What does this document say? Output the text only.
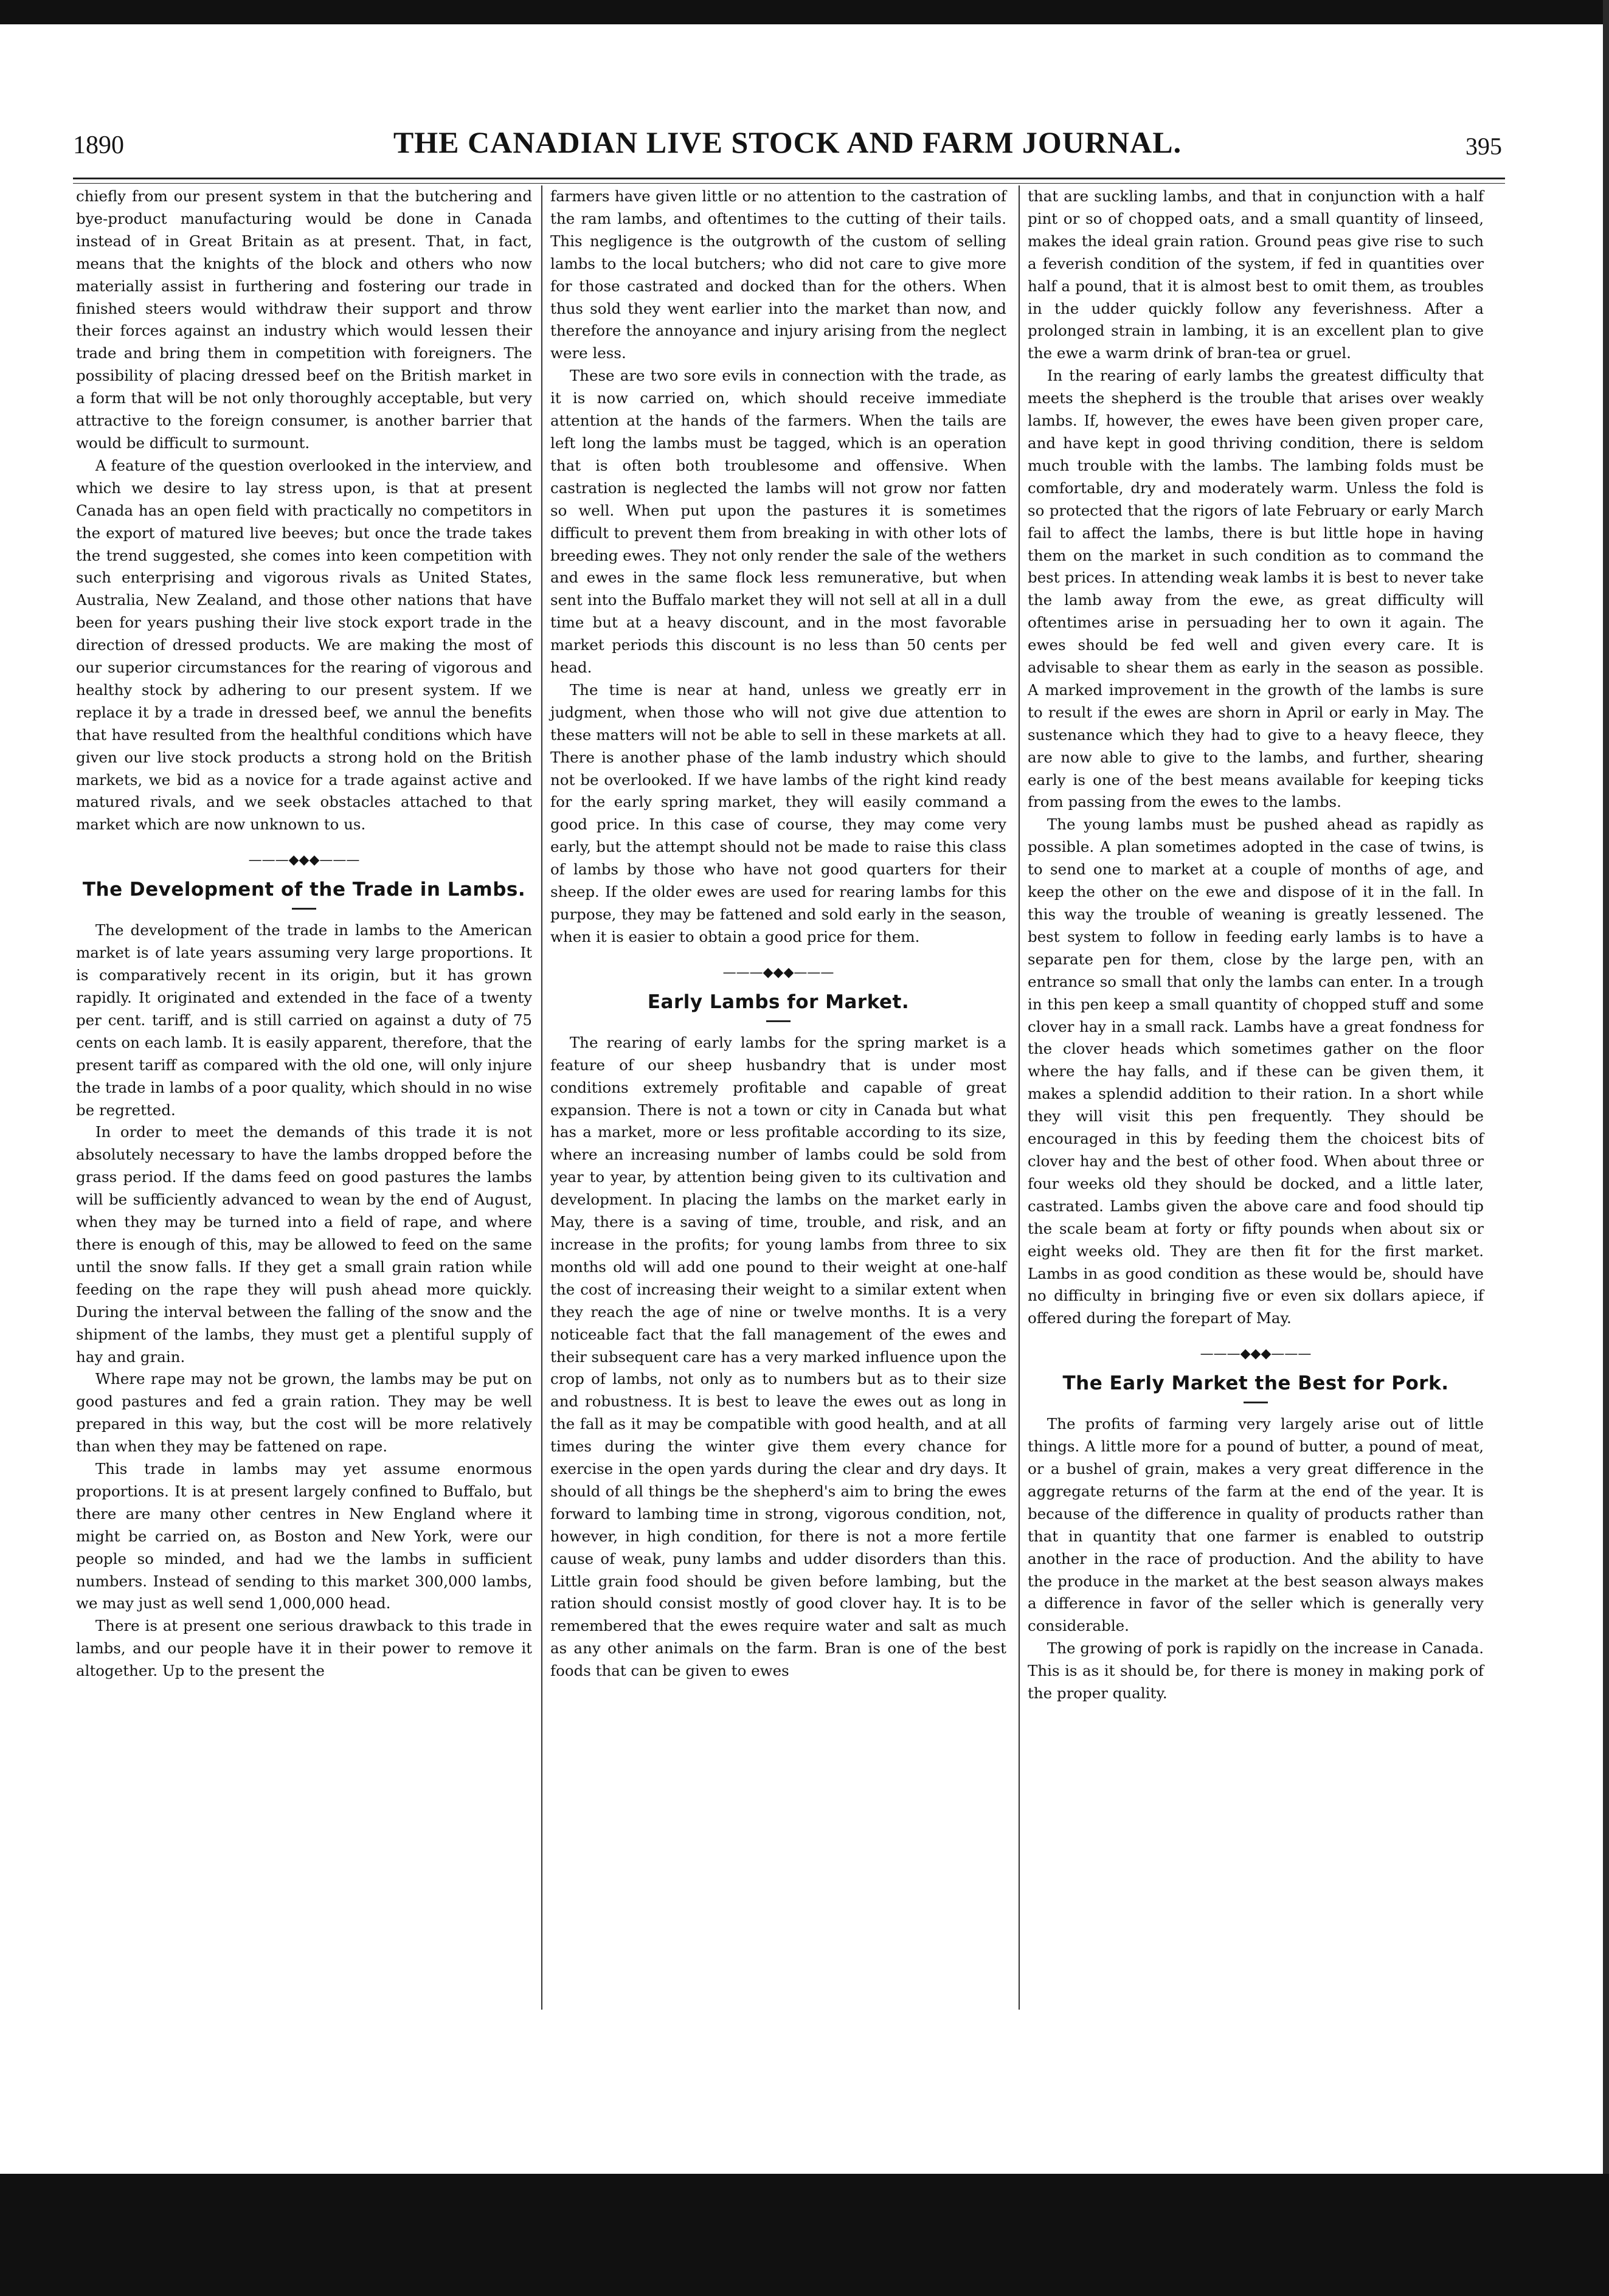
1890	THE CANADIAN LIVE STOCK AND FARM JOURNAL.	395

chiefly from our present system in that the butchering and bye-product manufacturing would be done in Canada instead of in Great Britain as at present. That, in fact, means that the knights of the block and others who now materially assist in furthering and fostering our trade in finished steers would withdraw their support and throw their forces against an industry which would lessen their trade and bring them in competition with foreigners. The possibility of placing dressed beef on the British market in a form that will be not only thoroughly acceptable, but very attractive to the foreign consumer, is another barrier that would be difficult to surmount.

A feature of the question overlooked in the interview, and which we desire to lay stress upon, is that at present Canada has an open field with practically no competitors in the export of matured live beeves; but once the trade takes the trend suggested, she comes into keen competition with such enterprising and vigorous rivals as United States, Australia, New Zealand, and those other nations that have been for years pushing their live stock export trade in the direction of dressed products. We are making the most of our superior circumstances for the rearing of vigorous and healthy stock by adhering to our present system. If we replace it by a trade in dressed beef, we annul the benefits that have resulted from the healthful conditions which have given our live stock products a strong hold on the British markets, we bid as a novice for a trade against active and matured rivals, and we seek obstacles attached to that market which are now unknown to us.

———◆◆◆———
The Development of the Trade in Lambs.

The development of the trade in lambs to the American market is of late years assuming very large proportions. It is comparatively recent in its origin, but it has grown rapidly. It originated and extended in the face of a twenty per cent. tariff, and is still carried on against a duty of 75 cents on each lamb. It is easily apparent, therefore, that the present tariff as compared with the old one, will only injure the trade in lambs of a poor quality, which should in no wise be regretted.

In order to meet the demands of this trade it is not absolutely necessary to have the lambs dropped before the grass period. If the dams feed on good pastures the lambs will be sufficiently advanced to wean by the end of August, when they may be turned into a field of rape, and where there is enough of this, may be allowed to feed on the same until the snow falls. If they get a small grain ration while feeding on the rape they will push ahead more quickly. During the interval between the falling of the snow and the shipment of the lambs, they must get a plentiful supply of hay and grain.

Where rape may not be grown, the lambs may be put on good pastures and fed a grain ration. They may be well prepared in this way, but the cost will be more relatively than when they may be fattened on rape.

This trade in lambs may yet assume enormous proportions. It is at present largely confined to Buffalo, but there are many other centres in New England where it might be carried on, as Boston and New York, were our people so minded, and had we the lambs in sufficient numbers. Instead of sending to this market 300,000 lambs, we may just as well send 1,000,000 head.

There is at present one serious drawback to this trade in lambs, and our people have it in their power to remove it altogether. Up to the present the

farmers have given little or no attention to the castration of the ram lambs, and oftentimes to the cutting of their tails. This negligence is the outgrowth of the custom of selling lambs to the local butchers; who did not care to give more for those castrated and docked than for the others. When thus sold they went earlier into the market than now, and therefore the annoyance and injury arising from the neglect were less.

These are two sore evils in connection with the trade, as it is now carried on, which should receive immediate attention at the hands of the farmers. When the tails are left long the lambs must be tagged, which is an operation that is often both troublesome and offensive. When castration is neglected the lambs will not grow nor fatten so well. When put upon the pastures it is sometimes difficult to prevent them from breaking in with other lots of breeding ewes. They not only render the sale of the wethers and ewes in the same flock less remunerative, but when sent into the Buffalo market they will not sell at all in a dull time but at a heavy discount, and in the most favorable market periods this discount is no less than 50 cents per head.

The time is near at hand, unless we greatly err in judgment, when those who will not give due attention to these matters will not be able to sell in these markets at all. There is another phase of the lamb industry which should not be overlooked. If we have lambs of the right kind ready for the early spring market, they will easily command a good price. In this case of course, they may come very early, but the attempt should not be made to raise this class of lambs by those who have not good quarters for their sheep. If the older ewes are used for rearing lambs for this purpose, they may be fattened and sold early in the season, when it is easier to obtain a good price for them.

———◆◆◆———
Early Lambs for Market.

The rearing of early lambs for the spring market is a feature of our sheep husbandry that is under most conditions extremely profitable and capable of great expansion. There is not a town or city in Canada but what has a market, more or less profitable according to its size, where an increasing number of lambs could be sold from year to year, by attention being given to its cultivation and development. In placing the lambs on the market early in May, there is a saving of time, trouble, and risk, and an increase in the profits; for young lambs from three to six months old will add one pound to their weight at one-half the cost of increasing their weight to a similar extent when they reach the age of nine or twelve months. It is a very noticeable fact that the fall management of the ewes and their subsequent care has a very marked influence upon the crop of lambs, not only as to numbers but as to their size and robustness. It is best to leave the ewes out as long in the fall as it may be compatible with good health, and at all times during the winter give them every chance for exercise in the open yards during the clear and dry days. It should of all things be the shepherd's aim to bring the ewes forward to lambing time in strong, vigorous condition, not, however, in high condition, for there is not a more fertile cause of weak, puny lambs and udder disorders than this. Little grain food should be given before lambing, but the ration should consist mostly of good clover hay. It is to be remembered that the ewes require water and salt as much as any other animals on the farm. Bran is one of the best foods that can be given to ewes

that are suckling lambs, and that in conjunction with a half pint or so of chopped oats, and a small quantity of linseed, makes the ideal grain ration. Ground peas give rise to such a feverish condition of the system, if fed in quantities over half a pound, that it is almost best to omit them, as troubles in the udder quickly follow any feverishness. After a prolonged strain in lambing, it is an excellent plan to give the ewe a warm drink of bran-tea or gruel.

In the rearing of early lambs the greatest difficulty that meets the shepherd is the trouble that arises over weakly lambs. If, however, the ewes have been given proper care, and have kept in good thriving condition, there is seldom much trouble with the lambs. The lambing folds must be comfortable, dry and moderately warm. Unless the fold is so protected that the rigors of late February or early March fail to affect the lambs, there is but little hope in having them on the market in such condition as to command the best prices. In attending weak lambs it is best to never take the lamb away from the ewe, as great difficulty will oftentimes arise in persuading her to own it again. The ewes should be fed well and given every care. It is advisable to shear them as early in the season as possible. A marked improvement in the growth of the lambs is sure to result if the ewes are shorn in April or early in May. The sustenance which they had to give to a heavy fleece, they are now able to give to the lambs, and further, shearing early is one of the best means available for keeping ticks from passing from the ewes to the lambs.

The young lambs must be pushed ahead as rapidly as possible. A plan sometimes adopted in the case of twins, is to send one to market at a couple of months of age, and keep the other on the ewe and dispose of it in the fall. In this way the trouble of weaning is greatly lessened. The best system to follow in feeding early lambs is to have a separate pen for them, close by the large pen, with an entrance so small that only the lambs can enter. In a trough in this pen keep a small quantity of chopped stuff and some clover hay in a small rack. Lambs have a great fondness for the clover heads which sometimes gather on the floor where the hay falls, and if these can be given them, it makes a splendid addition to their ration. In a short while they will visit this pen frequently. They should be encouraged in this by feeding them the choicest bits of clover hay and the best of other food. When about three or four weeks old they should be docked, and a little later, castrated. Lambs given the above care and food should tip the scale beam at forty or fifty pounds when about six or eight weeks old. They are then fit for the first market. Lambs in as good condition as these would be, should have no difficulty in bringing five or even six dollars apiece, if offered during the forepart of May.

———◆◆◆———
The Early Market the Best for Pork.

The profits of farming very largely arise out of little things. A little more for a pound of butter, a pound of meat, or a bushel of grain, makes a very great difference in the aggregate returns of the farm at the end of the year. It is because of the difference in quality of products rather than that in quantity that one farmer is enabled to outstrip another in the race of production. And the ability to have the produce in the market at the best season always makes a difference in favor of the seller which is generally very considerable.

The growing of pork is rapidly on the increase in Canada. This is as it should be, for there is money in making pork of the proper quality.
